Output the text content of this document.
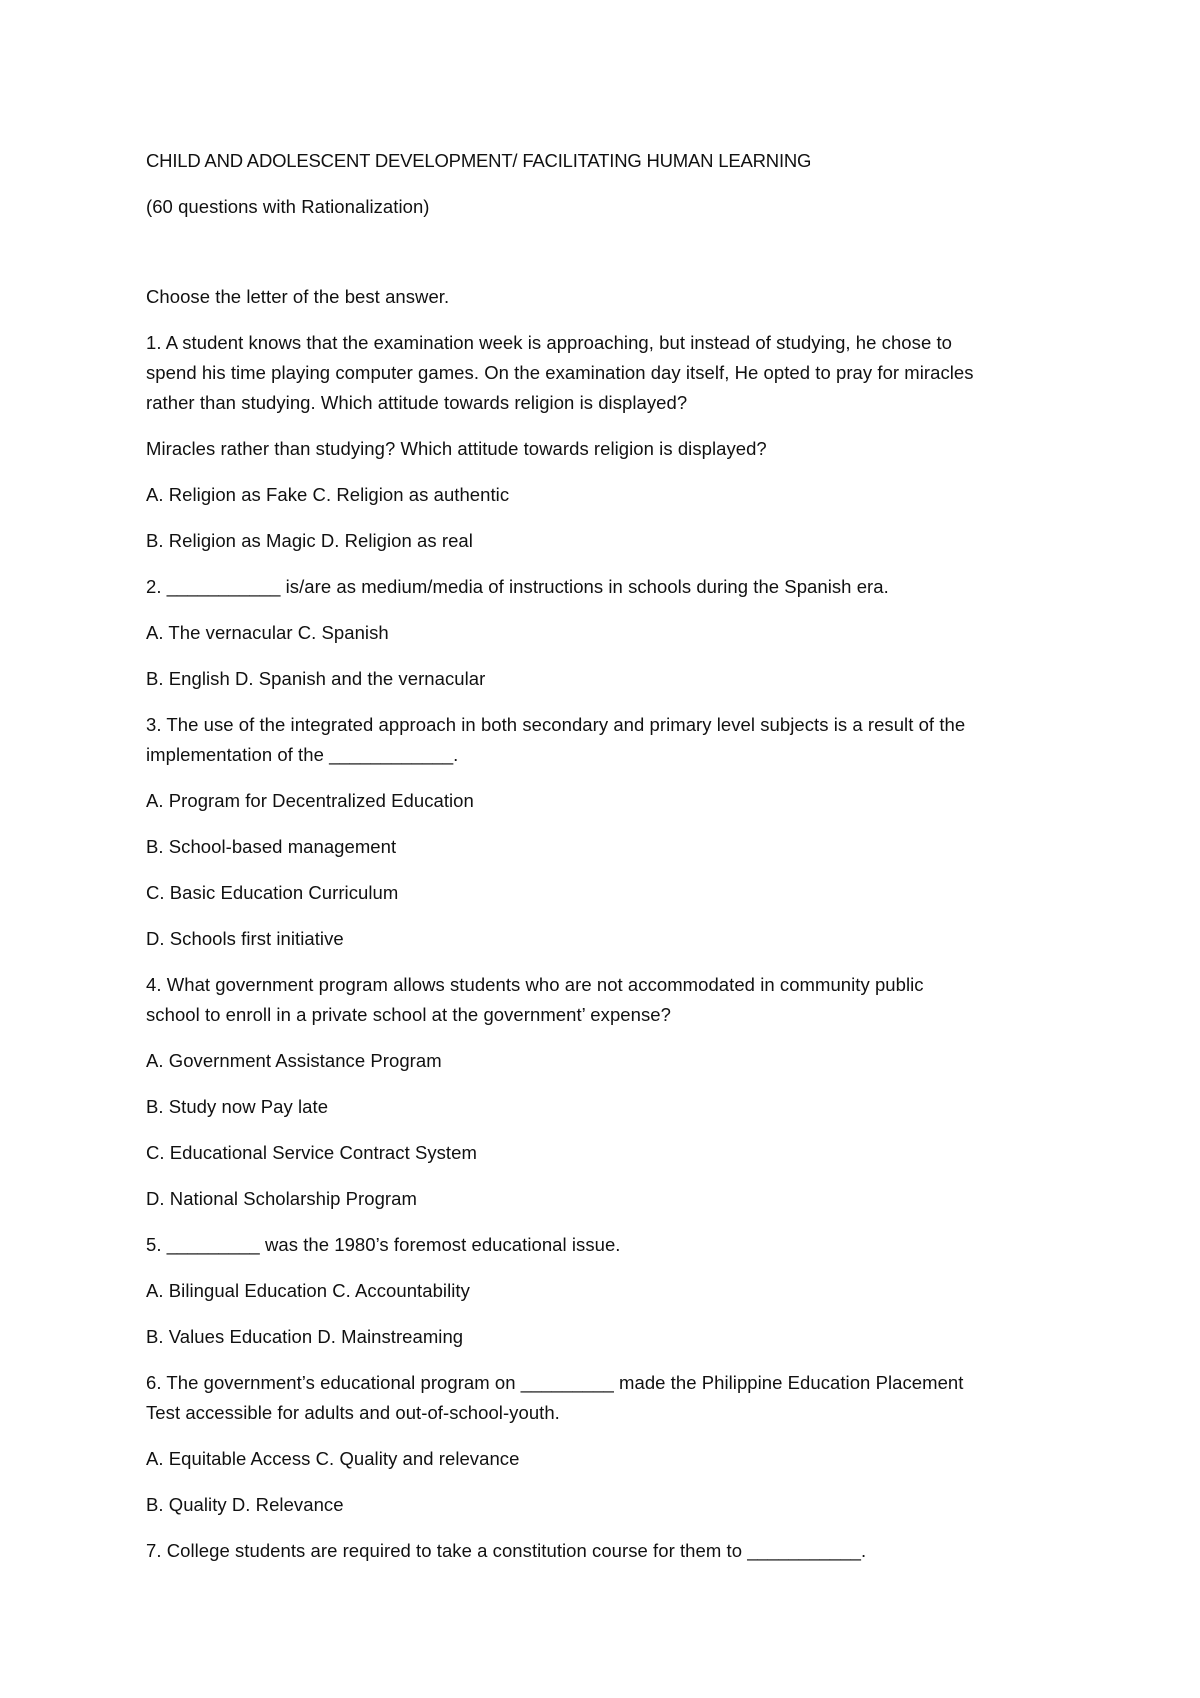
CHILD AND ADOLESCENT DEVELOPMENT/ FACILITATING HUMAN LEARNING
(60 questions with Rationalization)
Choose the letter of the best answer.
1. A student knows that the examination week is approaching, but instead of studying, he chose to
spend his time playing computer games. On the examination day itself, He opted to pray for miracles
rather than studying. Which attitude towards religion is displayed?
Miracles rather than studying? Which attitude towards religion is displayed?
A. Religion as Fake C. Religion as authentic
B. Religion as Magic D. Religion as real
2. ___________ is/are as medium/media of instructions in schools during the Spanish era.
A. The vernacular C. Spanish
B. English D. Spanish and the vernacular
3. The use of the integrated approach in both secondary and primary level subjects is a result of the
implementation of the ____________.
A. Program for Decentralized Education
B. School-based management
C. Basic Education Curriculum
D. Schools first initiative
4. What government program allows students who are not accommodated in community public
school to enroll in a private school at the government’ expense?
A. Government Assistance Program
B. Study now Pay late
C. Educational Service Contract System
D. National Scholarship Program
5. _________ was the 1980’s foremost educational issue.
A. Bilingual Education C. Accountability
B. Values Education D. Mainstreaming
6. The government’s educational program on _________ made the Philippine Education Placement
Test accessible for adults and out-of-school-youth.
A. Equitable Access C. Quality and relevance
B. Quality D. Relevance
7. College students are required to take a constitution course for them to ___________.
